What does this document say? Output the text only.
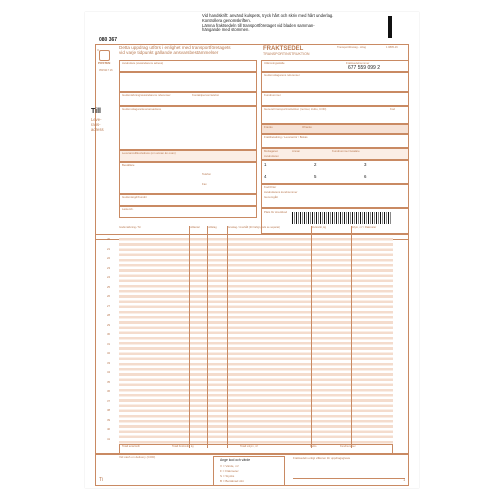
Vid handskrift: använd kulspets, tryck hårt och skriv med hårt underlag.
Kontrollera genomskriften.
Lämna fraktsedeln till transportföretaget vid bladen samman-
hängande med stommen.
080 367
POSTEN
0515117 16
II
Till
Leve-
rans-
adress
Detta uppdrag utförs i enlighet med transportföretagets
vid varje tidpunkt gällande ansvarsbestämmelser
FRAKTSEDEL
TRANSPORTINSTRUKTION
Transportföretag - stlog	1 0805-16
Avsändare (avsändarens adress)
Godsmärkning/avsändarens referenser	Kontaktperson/telefon
Godsmottagare/leveransadress
Leveransvillkor/adress (om annan än ovan)
Beställare
Telefon
Fax
Godsmängd/Kundnr
Lastemb.
Utlämningsställe	Fraktsedelnummer
677 559 099 2
Godsmottagarens referenser
Kundnummer
Generell transportinstruktion (normer, kvitto, COD)	Kod
Franko	Ofranko
Fraktbetalning / Leverantör / Bokas
Mottagaren	Annan
Avsändaren
Kundnummer betalare
1	2	3
4	5	6
Kod/Orter
Avsändarens kundnummer
Genomgått
Plats för streckkod
Godsmärkning / Nr	Kolliantal	Kollislag	Varuslag / innehåll (för farligt gods se separat)	Bruttovikt, kg	Volym, m³ / Flakmeter
20
21
22
23
24
25
26
27
28
29
30
31
32
33
34
35
36
37
38
39
40
41
Totalt antal kolli	Totalt bruttovikt, kg	Totalt volym, m³	Kvitto	Kundnummer
Vid cash on delivery (COD)
Ange kod och värde
V = Värde, m³
F = Flakmeter
S = Stycks
B = Beräknad vikt
Fraktsedeln enligt villkoren för uppdragsgivare
Ti	1
